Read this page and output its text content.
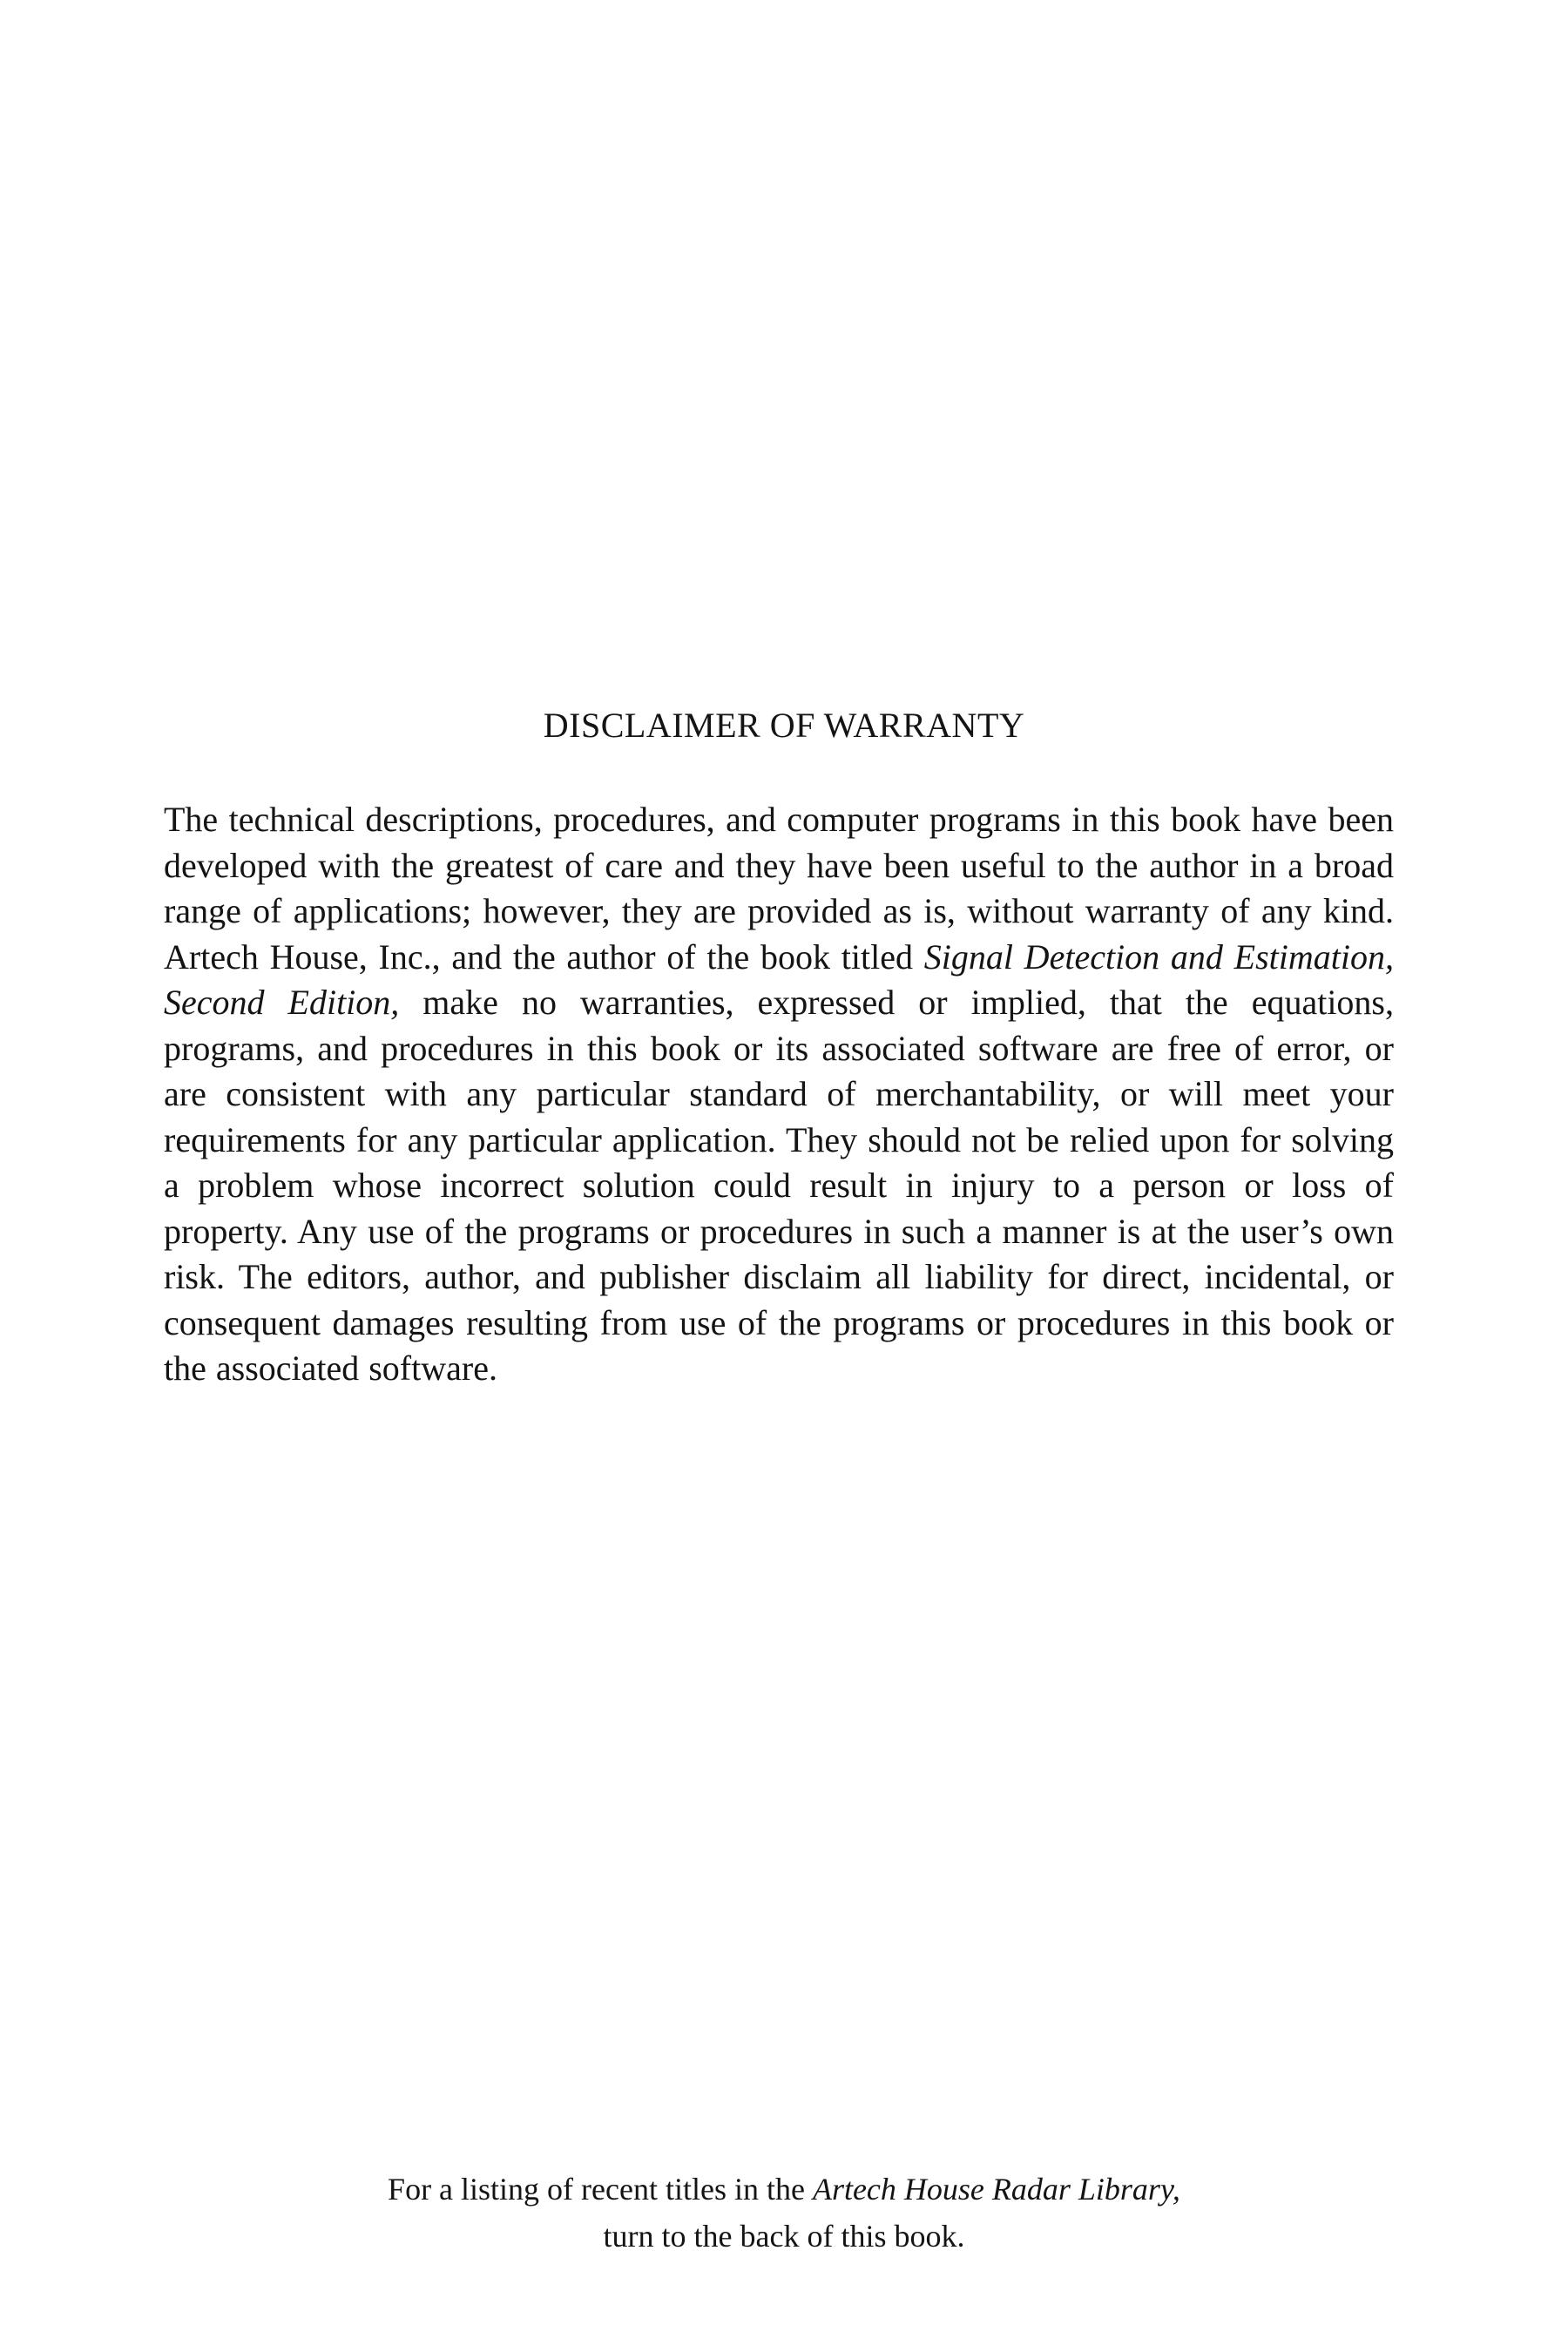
DISCLAIMER OF WARRANTY

The technical descriptions, procedures, and computer programs in this book have been developed with the greatest of care and they have been useful to the author in a broad range of applications; however, they are provided as is, without warranty of any kind. Artech House, Inc., and the author of the book titled Signal Detection and Estimation, Second Edition, make no warranties, expressed or implied, that the equations, programs, and procedures in this book or its associated software are free of error, or are consistent with any particular standard of merchantability, or will meet your requirements for any particular application. They should not be relied upon for solving a problem whose incorrect solution could result in injury to a person or loss of property. Any use of the programs or procedures in such a manner is at the user’s own risk. The editors, author, and publisher disclaim all liability for direct, incidental, or consequent damages resulting from use of the programs or procedures in this book or the associated software.

For a listing of recent titles in the Artech House Radar Library,
turn to the back of this book.
